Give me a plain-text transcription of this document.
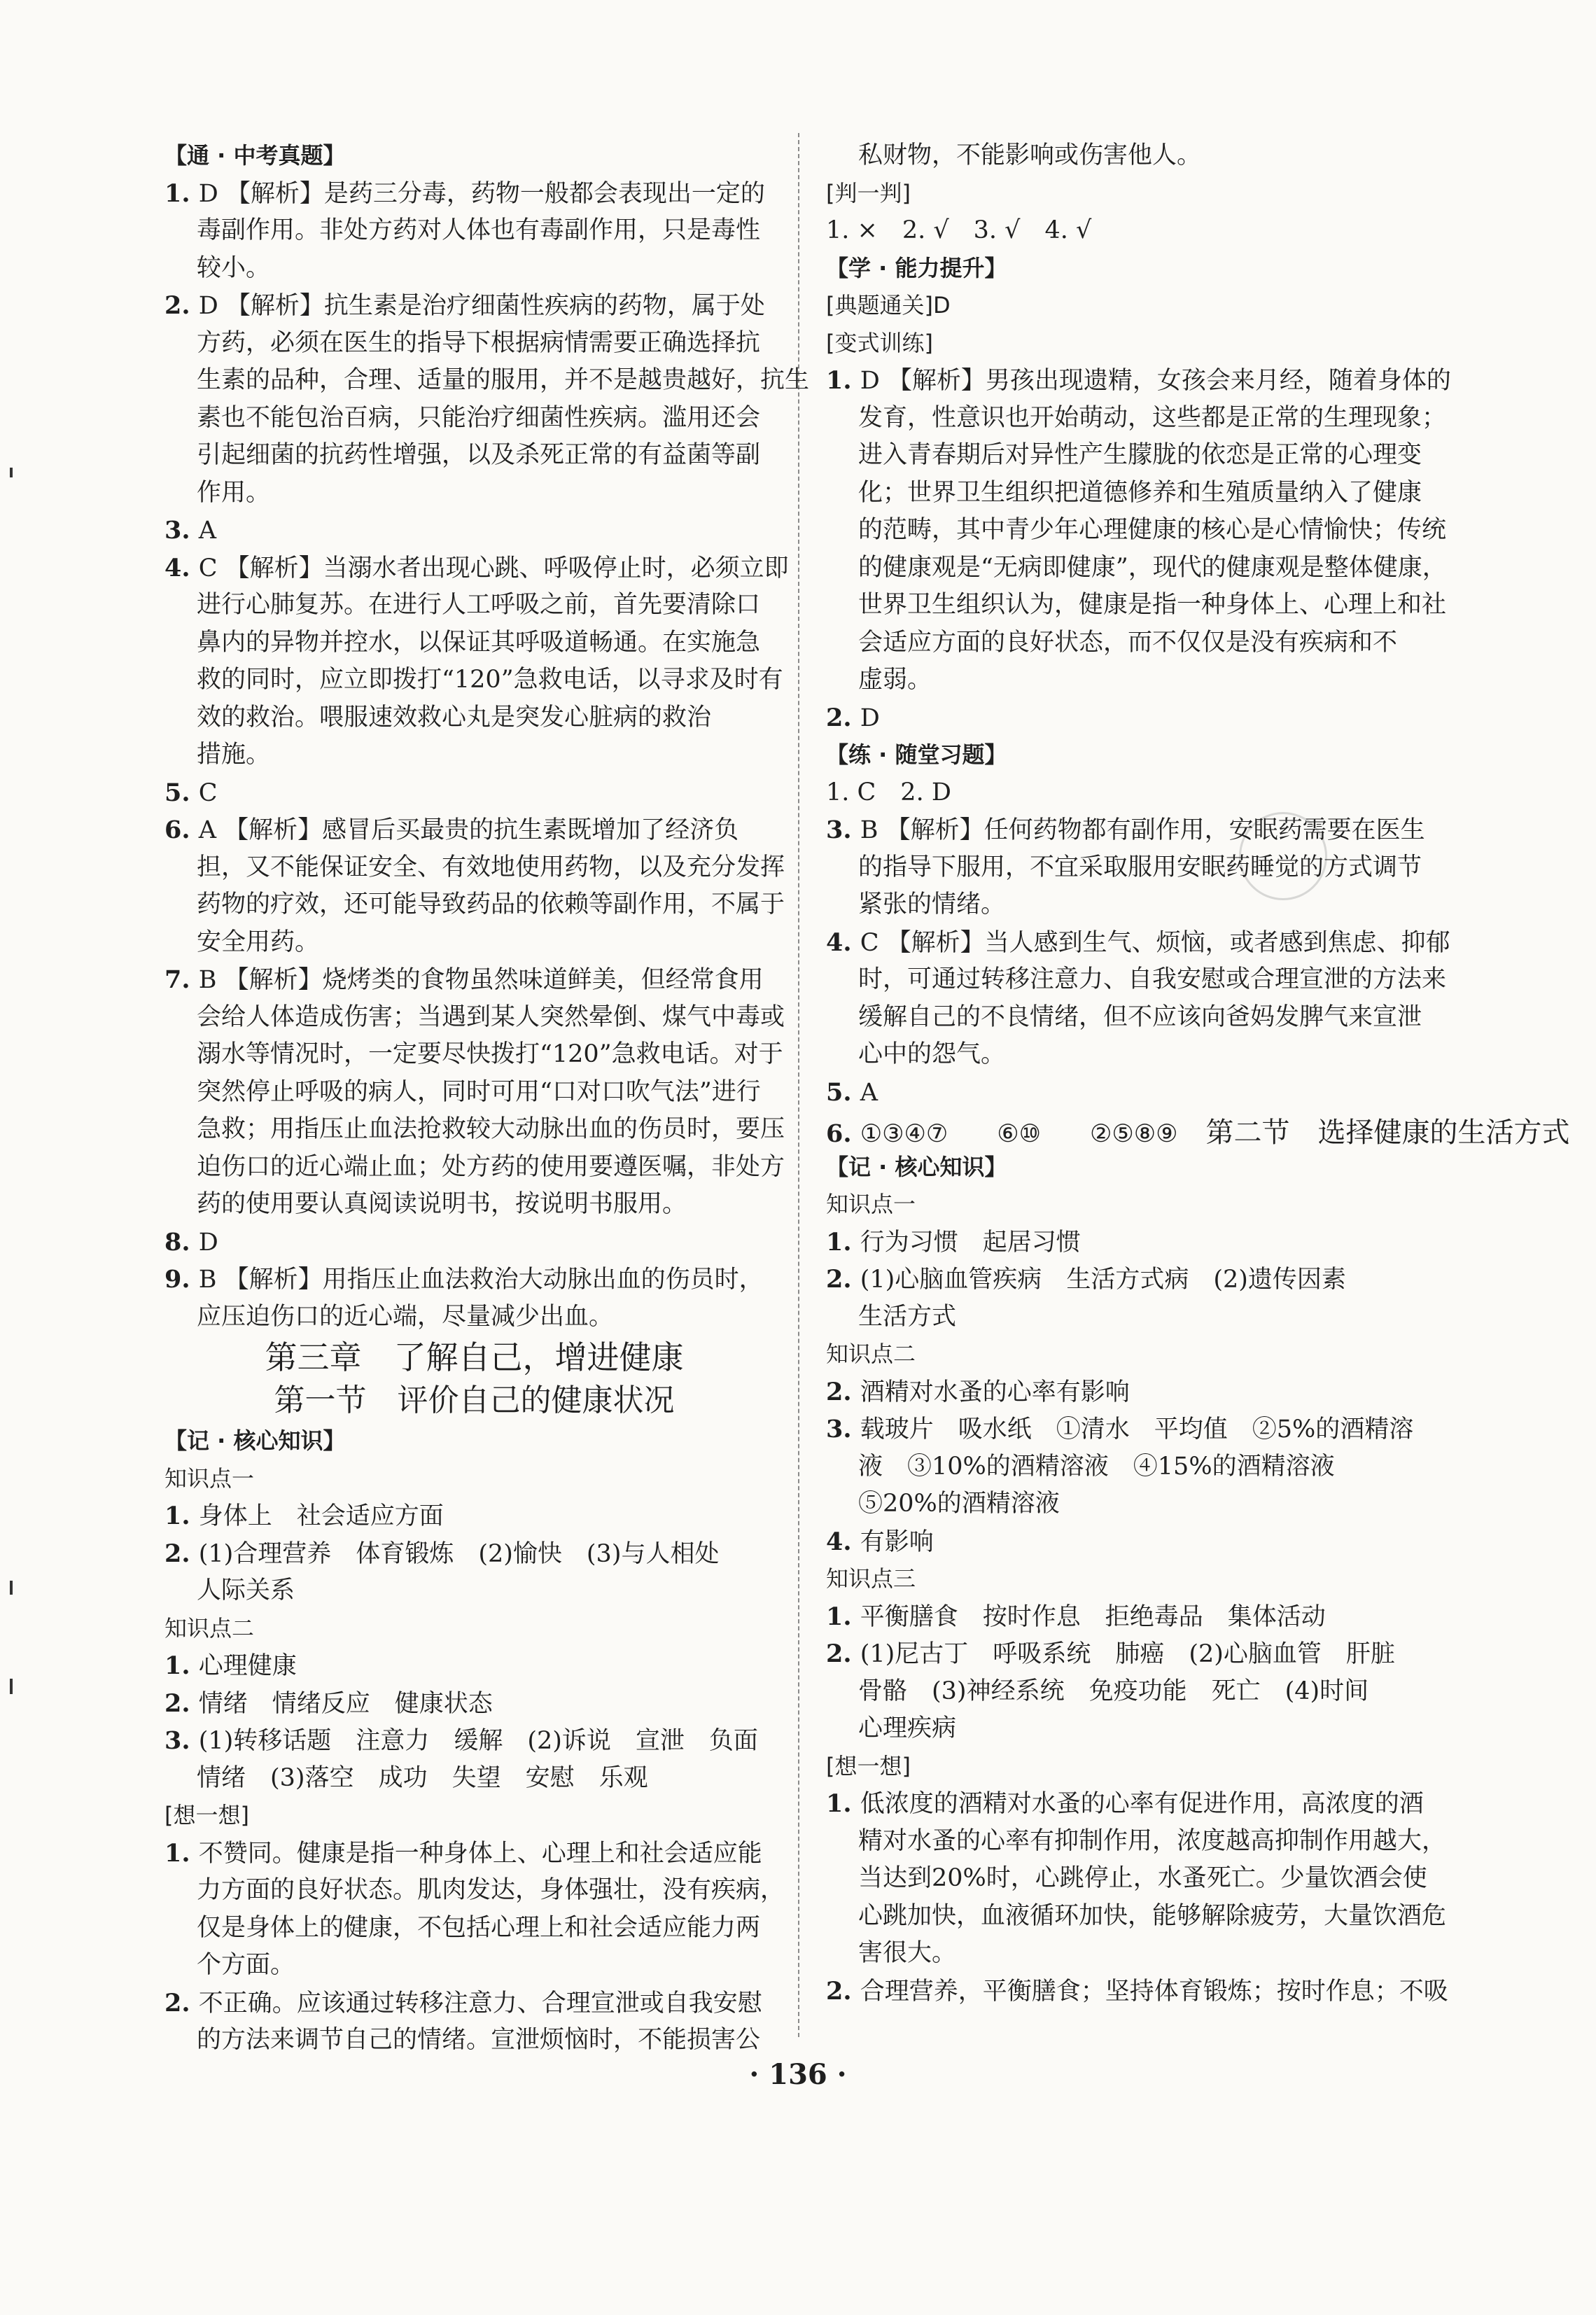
【通 · 中考真题】
1. D 【解析】是药三分毒，药物一般都会表现出一定的
毒副作用。非处方药对人体也有毒副作用，只是毒性
较小。
2. D 【解析】抗生素是治疗细菌性疾病的药物，属于处
方药，必须在医生的指导下根据病情需要正确选择抗
生素的品种，合理、适量的服用，并不是越贵越好，抗生
素也不能包治百病，只能治疗细菌性疾病。滥用还会
引起细菌的抗药性增强，以及杀死正常的有益菌等副
作用。
3. A
4. C 【解析】当溺水者出现心跳、呼吸停止时，必须立即
进行心肺复苏。在进行人工呼吸之前，首先要清除口
鼻内的异物并控水，以保证其呼吸道畅通。在实施急
救的同时，应立即拨打“120”急救电话，以寻求及时有
效的救治。喂服速效救心丸是突发心脏病的救治
措施。
5. C
6. A 【解析】感冒后买最贵的抗生素既增加了经济负
担，又不能保证安全、有效地使用药物，以及充分发挥
药物的疗效，还可能导致药品的依赖等副作用，不属于
安全用药。
7. B 【解析】烧烤类的食物虽然味道鲜美，但经常食用
会给人体造成伤害；当遇到某人突然晕倒、煤气中毒或
溺水等情况时，一定要尽快拨打“120”急救电话。对于
突然停止呼吸的病人，同时可用“口对口吹气法”进行
急救；用指压止血法抢救较大动脉出血的伤员时，要压
迫伤口的近心端止血；处方药的使用要遵医嘱，非处方
药的使用要认真阅读说明书，按说明书服用。
8. D
9. B 【解析】用指压止血法救治大动脉出血的伤员时，
应压迫伤口的近心端，尽量减少出血。
第三章　了解自己，增进健康
第一节　评价自己的健康状况
【记 · 核心知识】
知识点一
1. 身体上　社会适应方面
2. (1)合理营养　体育锻炼　(2)愉快　(3)与人相处
人际关系
知识点二
1. 心理健康
2. 情绪　情绪反应　健康状态
3. (1)转移话题　注意力　缓解　(2)诉说　宣泄　负面
情绪　(3)落空　成功　失望　安慰　乐观
[想一想]
1. 不赞同。健康是指一种身体上、心理上和社会适应能
力方面的良好状态。肌肉发达，身体强壮，没有疾病，
仅是身体上的健康，不包括心理上和社会适应能力两
个方面。
2. 不正确。应该通过转移注意力、合理宣泄或自我安慰
的方法来调节自己的情绪。宣泄烦恼时，不能损害公
私财物，不能影响或伤害他人。
[判一判]
1. ×　2. √　3. √　4. √
【学 · 能力提升】
[典题通关]D
[变式训练]
1. D 【解析】男孩出现遗精，女孩会来月经，随着身体的
发育，性意识也开始萌动，这些都是正常的生理现象；
进入青春期后对异性产生朦胧的依恋是正常的心理变
化；世界卫生组织把道德修养和生殖质量纳入了健康
的范畴，其中青少年心理健康的核心是心情愉快；传统
的健康观是“无病即健康”，现代的健康观是整体健康，
世界卫生组织认为，健康是指一种身体上、心理上和社
会适应方面的良好状态，而不仅仅是没有疾病和不
虚弱。
2. D
【练 · 随堂习题】
1. C　2. D
3. B 【解析】任何药物都有副作用，安眠药需要在医生
的指导下服用，不宜采取服用安眠药睡觉的方式调节
紧张的情绪。
4. C 【解析】当人感到生气、烦恼，或者感到焦虑、抑郁
时，可通过转移注意力、自我安慰或合理宣泄的方法来
缓解自己的不良情绪，但不应该向爸妈发脾气来宣泄
心中的怨气。
5. A
6. ①③④⑦　　⑥⑩　　②⑤⑧⑨ 第二节　选择健康的生活方式
【记 · 核心知识】
知识点一
1. 行为习惯　起居习惯
2. (1)心脑血管疾病　生活方式病　(2)遗传因素
生活方式
知识点二
2. 酒精对水蚤的心率有影响
3. 载玻片　吸水纸　①清水　平均值　②5%的酒精溶
液　③10%的酒精溶液　④15%的酒精溶液
⑤20%的酒精溶液
4. 有影响
知识点三
1. 平衡膳食　按时作息　拒绝毒品　集体活动
2. (1)尼古丁　呼吸系统　肺癌　(2)心脑血管　肝脏
骨骼　(3)神经系统　免疫功能　死亡　(4)时间
心理疾病
[想一想]
1. 低浓度的酒精对水蚤的心率有促进作用，高浓度的酒
精对水蚤的心率有抑制作用，浓度越高抑制作用越大，
当达到20%时，心跳停止，水蚤死亡。少量饮酒会使
心跳加快，血液循环加快，能够解除疲劳，大量饮酒危
害很大。
2. 合理营养，平衡膳食；坚持体育锻炼；按时作息；不吸
· 136 ·
